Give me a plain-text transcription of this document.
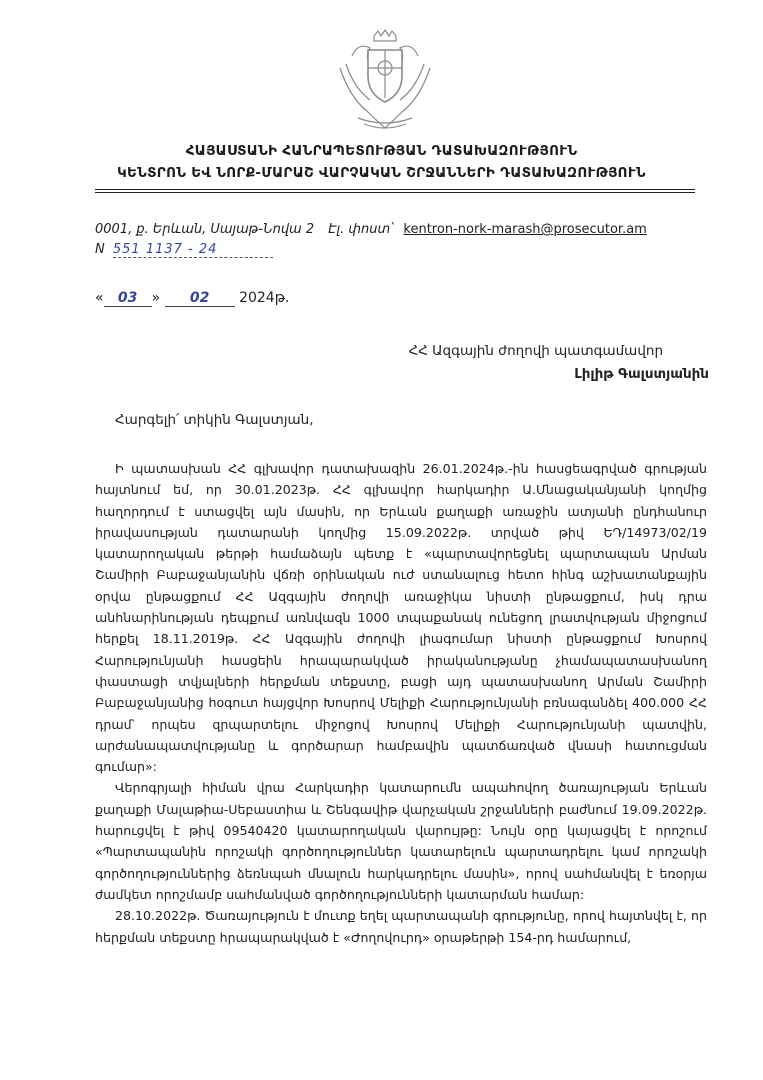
ՀԱՅԱՍՏԱՆԻ ՀԱՆՐԱՊԵՏՈՒԹՅԱՆ ԴԱՏԱԽԱԶՈՒԹՅՈՒՆ
ԿԵՆՏՐՈՆ ԵՎ ՆՈՐՔ-ՄԱՐԱՇ ՎԱՐՉԱԿԱՆ ՇՐՋԱՆՆԵՐԻ ԴԱՏԱԽԱԶՈՒԹՅՈՒՆ
0001, ք. Երևան, Սայաթ-Նովա 2 Էլ. փոստ՝ kentron-nork-marash@prosecutor.am
N 551 1137 - 24
« 03 » 02 2024թ.
ՀՀ Ազգային ժողովի պատգամավոր
Լիլիթ Գալստյանին
Հարգելի՛ տիկին Գալստյան,

Ի պատասխան ՀՀ գլխավոր դատախազին 26.01.2024թ.-ին հասցեագրված գրության հայտնում եմ, որ 30.01.2023թ. ՀՀ գլխավոր հարկադիր Ա.Մնացականյանի կողմից հաղորդում է ստացվել այն մասին, որ Երևան քաղաքի առաջին ատյանի ընդհանուր իրավասության դատարանի կողմից 15.09.2022թ. տրված թիվ ԵԴ/14973/02/19 կատարողական թերթի համաձայն պետք է «պարտավորեցնել պարտապան Արման Շամիրի Բաբաջանյանին վճռի օրինական ուժ ստանալուց հետո հինգ աշխատանքային օրվա ընթացքում ՀՀ Ազգային ժողովի առաջիկա նիստի ընթացքում, իսկ դրա անհնարինության դեպքում առնվազն 1000 տպաքանակ ունեցող լրատվության միջոցում հերքել 18.11.2019թ. ՀՀ Ազգային ժողովի լիագումար նիստի ընթացքում Խոսրով Հարությունյանի հասցեին հրապարակված իրականությանը չհամապատասխանող փաստացի տվյալների հերքման տեքստը, բացի այդ պատասխանող Արման Շամիրի Բաբաջանյանից hօգուտ հայցվոր Խոսրով Մելիքի Հարությունյանի բռնագանձել 400.000 ՀՀ դրամ՝ որպես զրպարտելու միջոցով Խոսրով Մելիքի Հարությունյանի պատվին, արժանապատվությանը և գործարար համբավին պատճառված վնասի հատուցման գումար»:

Վերոգրյալի հիման վրա Հարկադիր կատարումն ապահովող ծառայության Երևան քաղաքի Մալաթիա-Սեբաստիա և Շենգավիթ վարչական շրջանների բաժնում 19.09.2022թ. հարուցվել է թիվ 09540420 կատարողական վարույթը: Նույն օրը կայացվել է որոշում «Պարտապանին որոշակի գործողություններ կատարելուն պարտադրելու կամ որոշակի գործողություններից ձեռնպահ մնալուն հարկադրելու մասին», որով սահմանվել է եռօրյա ժամկետ որոշմամբ սահմանված գործողությունների կատարման համար:

28.10.2022թ. Ծառայություն է մուտք եղել պարտապանի գրությունը, որով հայտնվել է, որ հերքման տեքստը հրապարակված է «Ժողովուրդ» օրաթերթի 154-րդ համարում,
